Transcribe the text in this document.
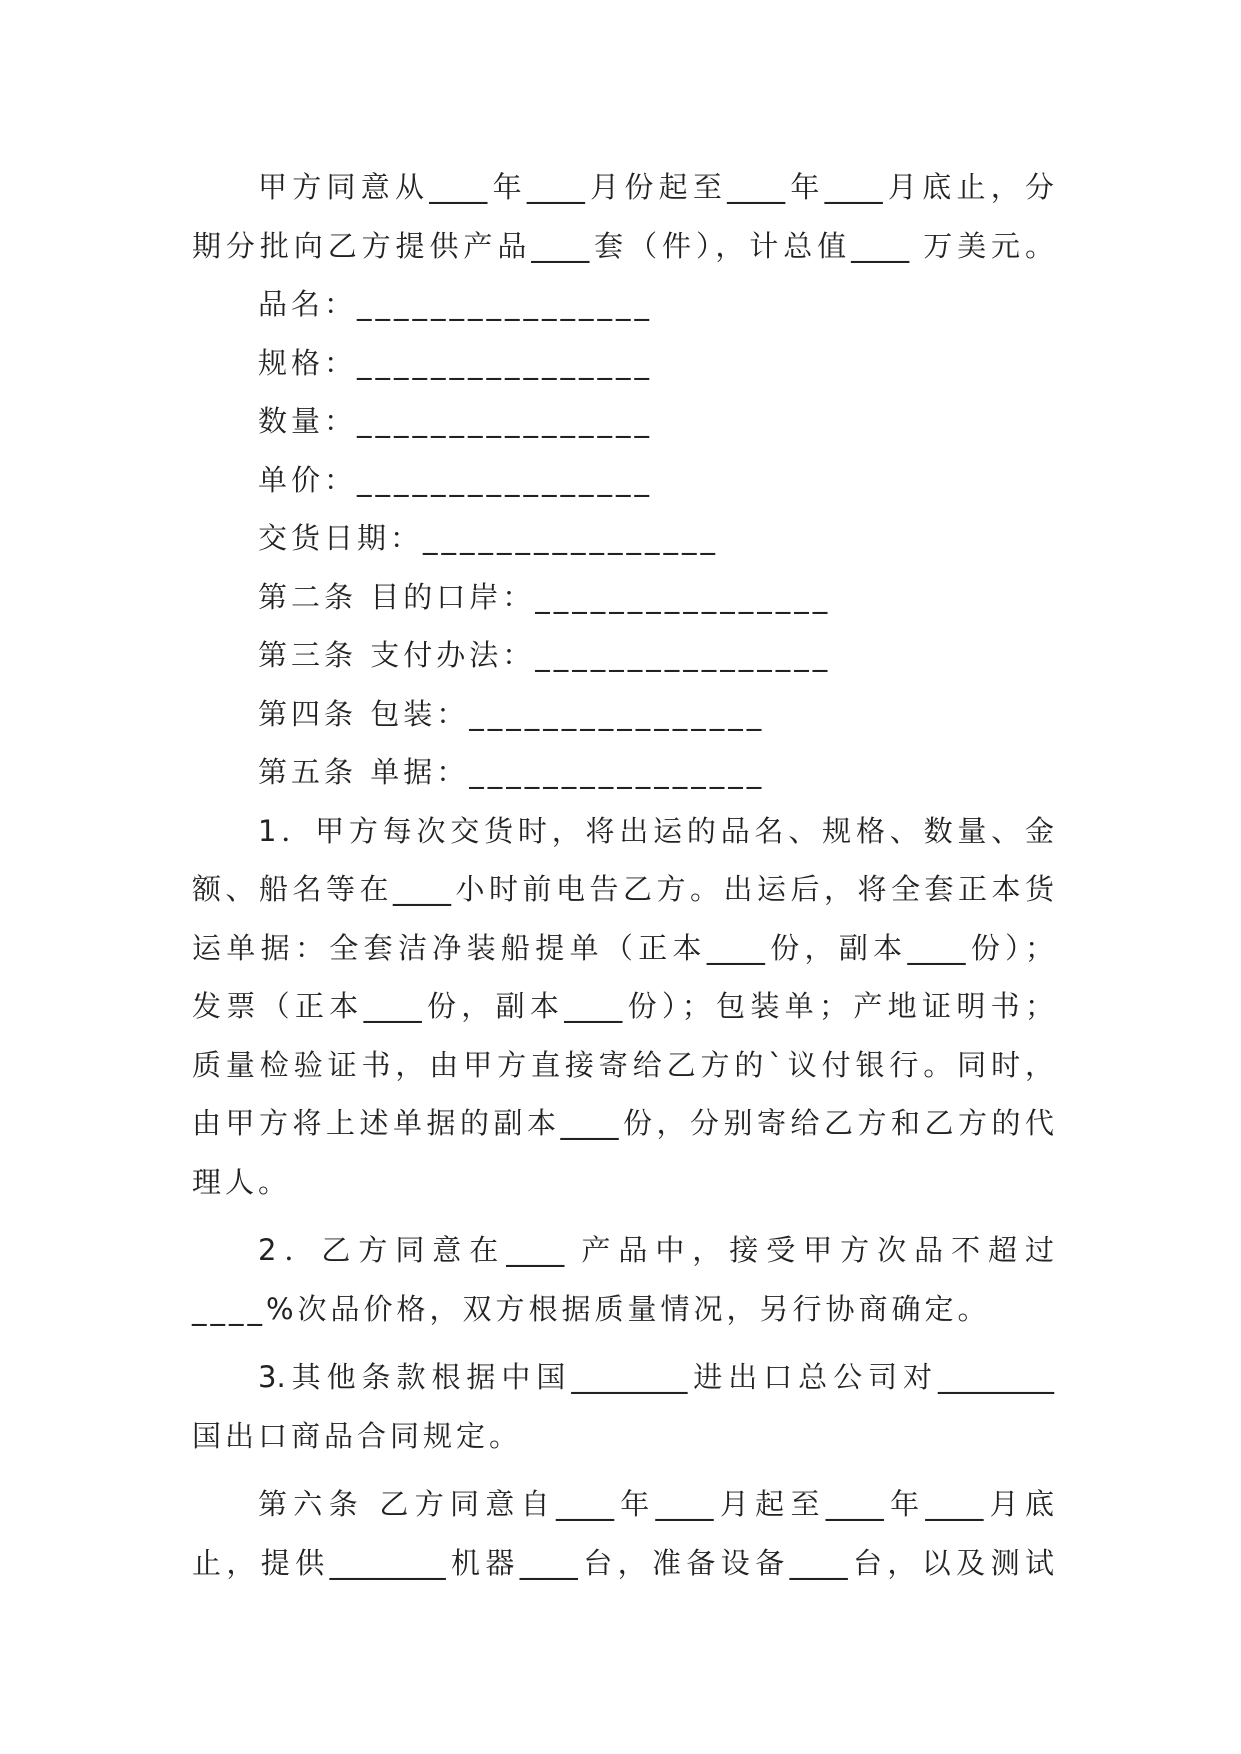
甲方同意从____年____月份起至____年____月底止，分
期分批向乙方提供产品____套（件），计总值____ 万美元。
品名：________________
规格：________________
数量：________________
单价：________________
交货日期：________________
第二条 目的口岸：________________
第三条 支付办法：________________
第四条 包装：________________
第五条 单据：________________
1．甲方每次交货时，将出运的品名、规格、数量、金
额、船名等在____小时前电告乙方。出运后，将全套正本货
运单据：全套洁净装船提单（正本____份，副本____份）；
发票（正本____份，副本____份）；包装单；产地证明书；
质量检验证书，由甲方直接寄给乙方的`议付银行。同时，
由甲方将上述单据的副本____份，分别寄给乙方和乙方的代
理人。
2．乙方同意在____ 产品中，接受甲方次品不超过
____%次品价格，双方根据质量情况，另行协商确定。
3.其他条款根据中国________进出口总公司对________
国出口商品合同规定。
第六条 乙方同意自____年____月起至____年____月底
止，提供________机器____台，准备设备____台，以及测试
